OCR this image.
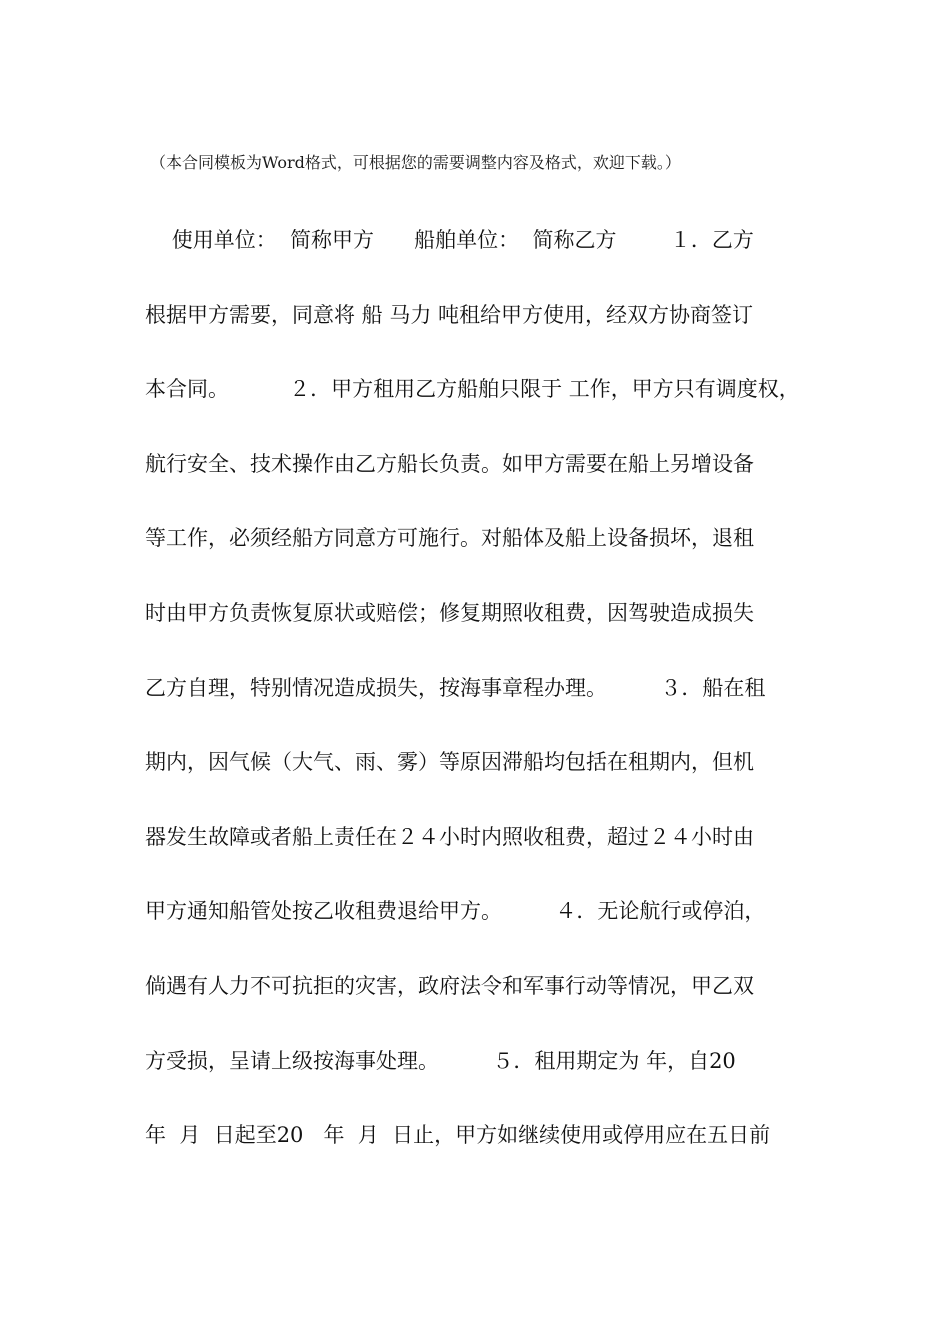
（本合同模板为Word格式，可根据您的需要调整内容及格式，欢迎下载。）
使用单位：  简称甲方      船舶单位：  简称乙方        １．乙方
根据甲方需要，同意将 船 马力 吨租给甲方使用，经双方协商签订
本合同。         ２．甲方租用乙方船舶只限于 工作，甲方只有调度权，
航行安全、技术操作由乙方船长负责。如甲方需要在船上另增设备
等工作，必须经船方同意方可施行。对船体及船上设备损坏，退租
时由甲方负责恢复原状或赔偿；修复期照收租费，因驾驶造成损失
乙方自理，特别情况造成损失，按海事章程办理。        ３．船在租
期内，因气候（大气、雨、雾）等原因滞船均包括在租期内，但机
器发生故障或者船上责任在２４小时内照收租费，超过２４小时由
甲方通知船管处按乙收租费退给甲方。        ４．无论航行或停泊，
倘遇有人力不可抗拒的灾害，政府法令和军事行动等情况，甲乙双
方受损，呈请上级按海事处理。        ５．租用期定为 年，自20
年  月  日起至20   年  月  日止，甲方如继续使用或停用应在五日前
